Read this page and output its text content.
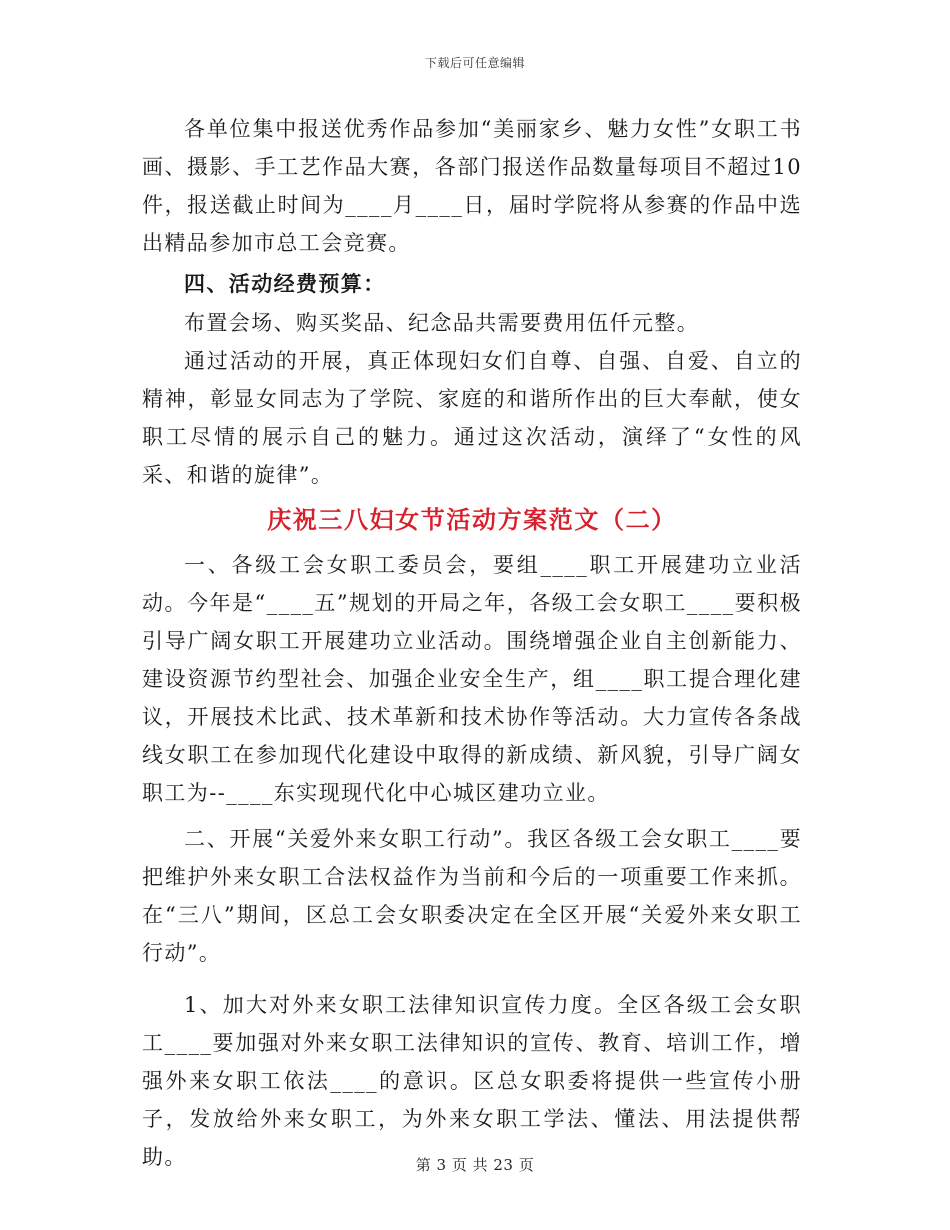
下载后可任意编辑

各单位集中报送优秀作品参加“美丽家乡、魅力女性”女职工书画、摄影、手工艺作品大赛，各部门报送作品数量每项目不超过10件，报送截止时间为____月____日，届时学院将从参赛的作品中选出精品参加市总工会竞赛。

四、活动经费预算：

布置会场、购买奖品、纪念品共需要费用伍仟元整。

通过活动的开展，真正体现妇女们自尊、自强、自爱、自立的精神，彰显女同志为了学院、家庭的和谐所作出的巨大奉献，使女职工尽情的展示自己的魅力。通过这次活动，演绎了“女性的风采、和谐的旋律”。

庆祝三八妇女节活动方案范文（二）

一、各级工会女职工委员会，要组____职工开展建功立业活动。今年是“____五”规划的开局之年，各级工会女职工____要积极引导广阔女职工开展建功立业活动。围绕增强企业自主创新能力、建设资源节约型社会、加强企业安全生产，组____职工提合理化建议，开展技术比武、技术革新和技术协作等活动。大力宣传各条战线女职工在参加现代化建设中取得的新成绩、新风貌，引导广阔女职工为--____东实现现代化中心城区建功立业。

二、开展“关爱外来女职工行动”。我区各级工会女职工____要把维护外来女职工合法权益作为当前和今后的一项重要工作来抓。在“三八”期间，区总工会女职委决定在全区开展“关爱外来女职工行动”。

1、加大对外来女职工法律知识宣传力度。全区各级工会女职工____要加强对外来女职工法律知识的宣传、教育、培训工作，增强外来女职工依法____的意识。区总女职委将提供一些宣传小册子，发放给外来女职工，为外来女职工学法、懂法、用法提供帮助。	第 3 页 共 23 页
